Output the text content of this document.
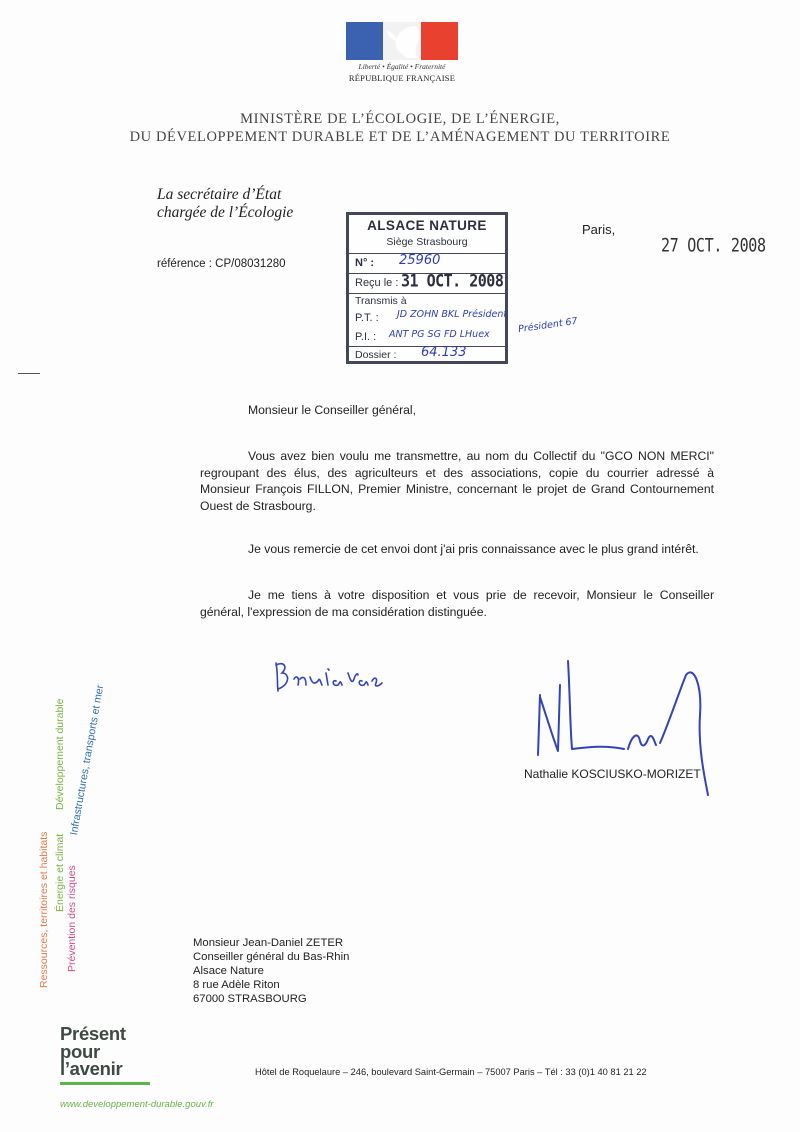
Liberté • Égalité • Fraternité
RÉPUBLIQUE FRANÇAISE
MINISTÈRE DE L’ÉCOLOGIE, DE L’ÉNERGIE,
DU DÉVELOPPEMENT DURABLE ET DE L’AMÉNAGEMENT DU TERRITOIRE
La secrétaire d’État
chargée de l’Écologie
référence : CP/08031280
ALSACE NATURE
Siège Strasbourg
N° : 25960
Reçu le : 31 OCT. 2008
Transmis à
P.T. : JD ZOHN BKL Président
P.I. : ANT PG SG FD LHuex
Dossier : 64.133
Président 67
Paris,
27 OCT. 2008
Monsieur le Conseiller général,
Vous avez bien voulu me transmettre, au nom du Collectif du "GCO NON MERCI" regroupant des élus, des agriculteurs et des associations, copie du courrier adressé à Monsieur François FILLON, Premier Ministre, concernant le projet de Grand Contournement Ouest de Strasbourg.
Je vous remercie de cet envoi dont j'ai pris connaissance avec le plus grand intérêt.
Je me tiens à votre disposition et vous prie de recevoir, Monsieur le Conseiller général, l'expression de ma considération distinguée.
Nathalie KOSCIUSKO-MORIZET
Ressources, territoires et habitats Énergie et climat Prévention des risques
Développement durable Infrastructures, transports et mer
Monsieur Jean-Daniel ZETER
Conseiller général du Bas-Rhin
Alsace Nature
8 rue Adèle Riton
67000 STRASBOURG
Présent
pour
l’avenir
www.developpement-durable.gouv.fr
Hôtel de Roquelaure – 246, boulevard Saint-Germain – 75007 Paris – Tél : 33 (0)1 40 81 21 22
